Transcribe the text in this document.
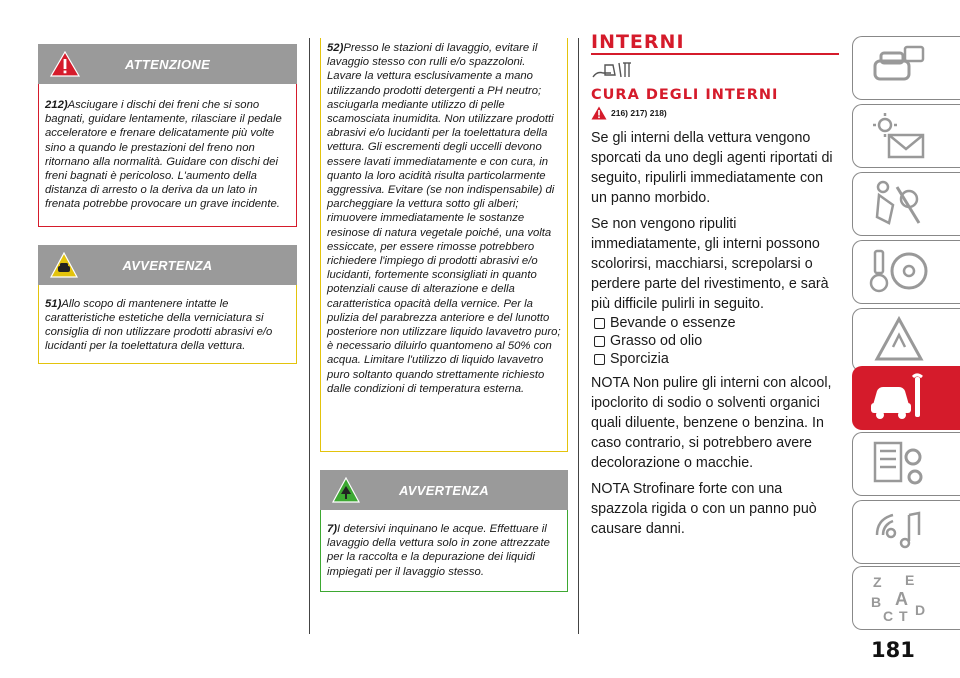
ATTENZIONE
212)Asciugare i dischi dei freni che si sono bagnati, guidare lentamente, rilasciare il pedale acceleratore e frenare delicatamente più volte sino a quando le prestazioni del freno non ritornano alla normalità. Guidare con dischi dei freni bagnati è pericoloso. L'aumento della distanza di arresto o la deriva da un lato in frenata potrebbe provocare un grave incidente.
AVVERTENZA
51)Allo scopo di mantenere intatte le caratteristiche estetiche della verniciatura si consiglia di non utilizzare prodotti abrasivi e/o lucidanti per la toelettatura della vettura.
52)Presso le stazioni di lavaggio, evitare il lavaggio stesso con rulli e/o spazzoloni. Lavare la vettura esclusivamente a mano utilizzando prodotti detergenti a PH neutro; asciugarla mediante utilizzo di pelle scamosciata inumidita. Non utilizzare prodotti abrasivi e/o lucidanti per la toelettatura della vettura. Gli escrementi degli uccelli devono essere lavati immediatamente e con cura, in quanto la loro acidità risulta particolarmente aggressiva. Evitare (se non indispensabile) di parcheggiare la vettura sotto gli alberi; rimuovere immediatamente le sostanze resinose di natura vegetale poiché, una volta essiccate, per essere rimosse potrebbero richiedere l'impiego di prodotti abrasivi e/o lucidanti, fortemente sconsigliati in quanto potenziali cause di alterazione e della caratteristica opacità della vernice. Per la pulizia del parabrezza anteriore e del lunotto posteriore non utilizzare liquido lavavetro puro; è necessario diluirlo quantomeno al 50% con acqua. Limitare l'utilizzo di liquido lavavetro puro soltanto quando strettamente richiesto dalle condizioni di temperatura esterna.
AVVERTENZA
7)I detersivi inquinano le acque. Effettuare il lavaggio della vettura solo in zone attrezzate per la raccolta e la depurazione dei liquidi impiegati per il lavaggio stesso.
INTERNI
CURA DEGLI INTERNI
216) 217) 218)

Se gli interni della vettura vengono sporcati da uno degli agenti riportati di seguito, ripulirli immediatamente con un panno morbido.

Se non vengono ripuliti immediatamente, gli interni possono scolorirsi, macchiarsi, screpolarsi o perdere parte del rivestimento, e sarà più difficile pulirli in seguito.

Bevande o essenze
Grasso od olio
Sporcizia

NOTA Non pulire gli interni con alcool, ipoclorito di sodio o solventi organici quali diluente, benzene o benzina. In caso contrario, si potrebbero avere decolorazione o macchie.

NOTA Strofinare forte con una spazzola rigida o con un panno può causare danni.

Z E
B A
C T D
181
